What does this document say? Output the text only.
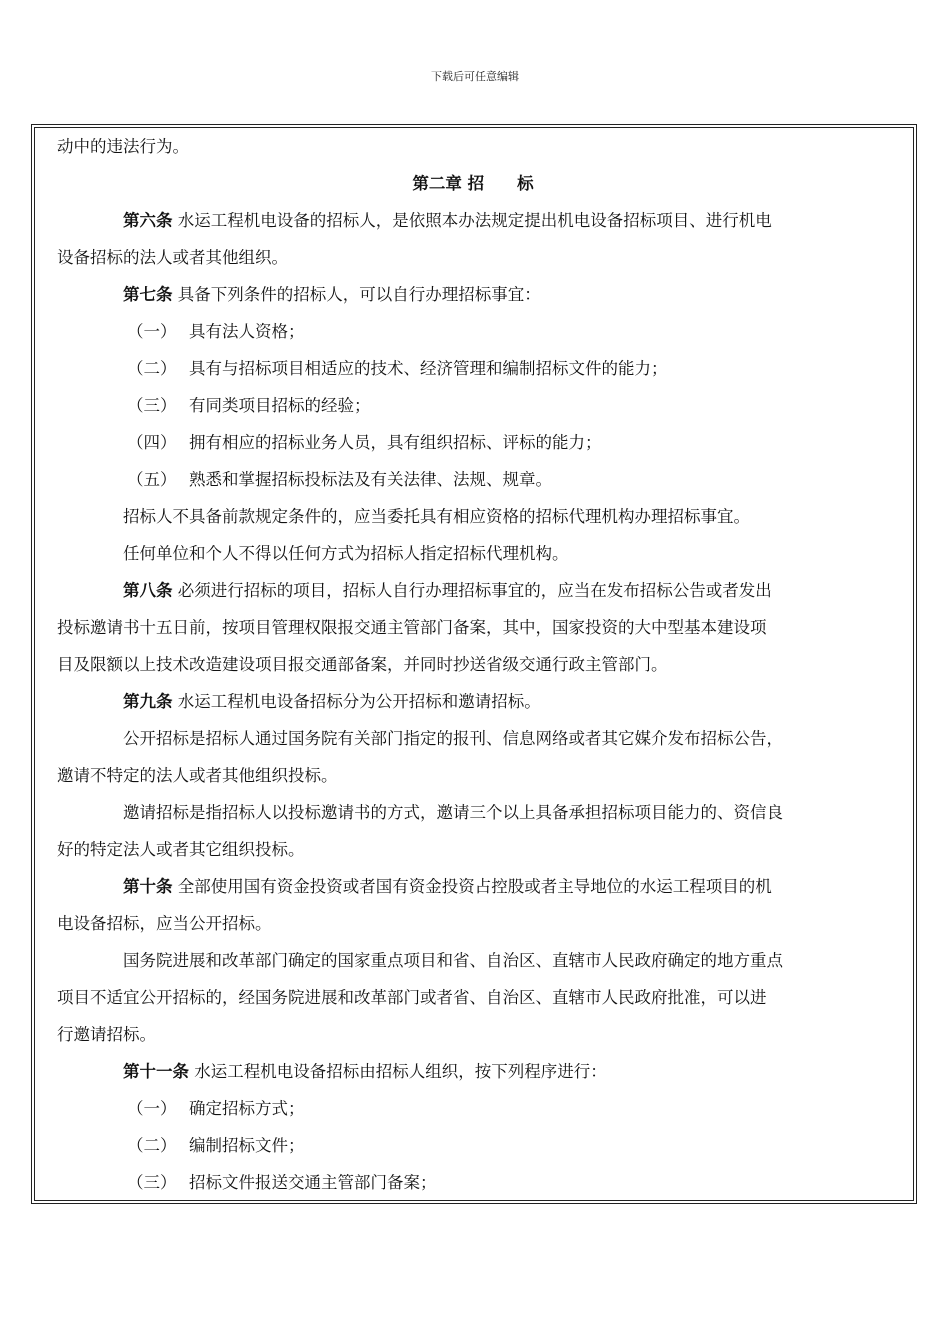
下载后可任意编辑
动中的违法行为。
第二章 招　　标
第六条 水运工程机电设备的招标人，是依照本办法规定提出机电设备招标项目、进行机电
设备招标的法人或者其他组织。
第七条 具备下列条件的招标人，可以自行办理招标事宜：
（一） 具有法人资格；
（二） 具有与招标项目相适应的技术、经济管理和编制招标文件的能力；
（三） 有同类项目招标的经验；
（四） 拥有相应的招标业务人员，具有组织招标、评标的能力；
（五） 熟悉和掌握招标投标法及有关法律、法规、规章。
招标人不具备前款规定条件的，应当委托具有相应资格的招标代理机构办理招标事宜。
任何单位和个人不得以任何方式为招标人指定招标代理机构。
第八条 必须进行招标的项目，招标人自行办理招标事宜的，应当在发布招标公告或者发出
投标邀请书十五日前，按项目管理权限报交通主管部门备案，其中，国家投资的大中型基本建设项
目及限额以上技术改造建设项目报交通部备案，并同时抄送省级交通行政主管部门。
第九条 水运工程机电设备招标分为公开招标和邀请招标。
公开招标是招标人通过国务院有关部门指定的报刊、信息网络或者其它媒介发布招标公告，
邀请不特定的法人或者其他组织投标。
邀请招标是指招标人以投标邀请书的方式，邀请三个以上具备承担招标项目能力的、资信良
好的特定法人或者其它组织投标。
第十条 全部使用国有资金投资或者国有资金投资占控股或者主导地位的水运工程项目的机
电设备招标，应当公开招标。
国务院进展和改革部门确定的国家重点项目和省、自治区、直辖市人民政府确定的地方重点
项目不适宜公开招标的，经国务院进展和改革部门或者省、自治区、直辖市人民政府批准，可以进
行邀请招标。
第十一条 水运工程机电设备招标由招标人组织，按下列程序进行：
（一） 确定招标方式；
（二） 编制招标文件；
（三） 招标文件报送交通主管部门备案；
